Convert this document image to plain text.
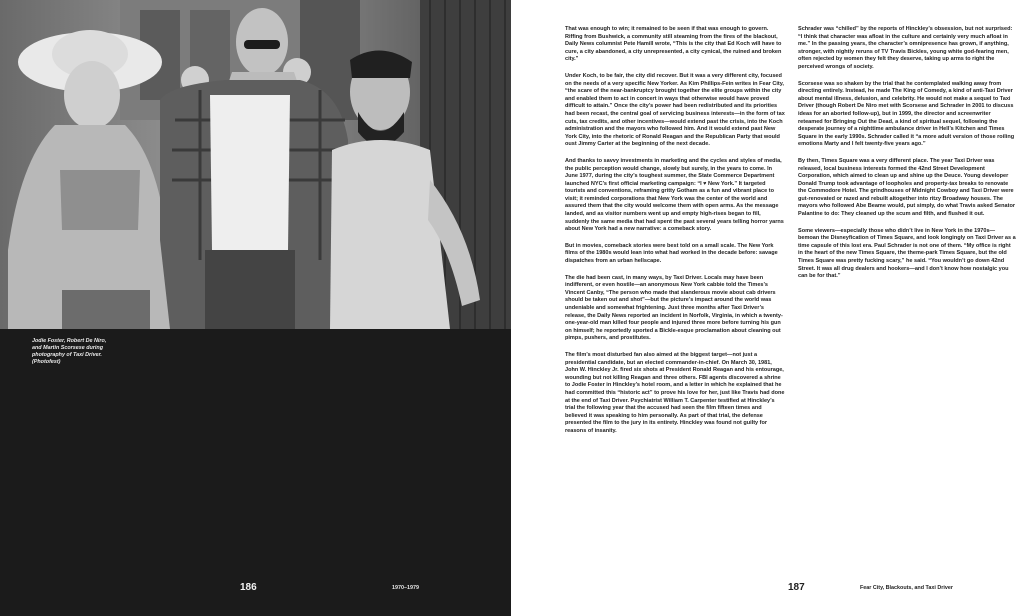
Jodie Foster, Robert De Niro, and Martin Scorsese during photography of Taxi Driver. (Photofest)
186	1970–1979

That was enough to win; it remained to be seen if that was enough to govern. Riffing from Bushwick, a community still steaming from the fires of the blackout, Daily News columnist Pete Hamill wrote, “This is the city that Ed Koch will have to cure, a city abandoned, a city unrepresented, a city cynical, the ruined and broken city.”

Under Koch, to be fair, the city did recover. But it was a very different city, focused on the needs of a very specific New Yorker. As Kim Phillips-Fein writes in Fear City, “the scare of the near-bankruptcy brought together the elite groups within the city and enabled them to act in concert in ways that otherwise would have proved difficult to attain.” Once the city’s power had been redistributed and its priorities had been recast, the central goal of servicing business interests—in the form of tax cuts, tax credits, and other incentives—would extend past the crisis, into the Koch administration and the mayors who followed him. And it would extend past New York City, into the rhetoric of Ronald Reagan and the Republican Party that would oust Jimmy Carter at the beginning of the next decade.

And thanks to savvy investments in marketing and the cycles and styles of media, the public perception would change, slowly but surely, in the years to come. In June 1977, during the city’s toughest summer, the State Commerce Department launched NYC’s first official marketing campaign: “I ♥ New York.” It targeted tourists and conventions, reframing gritty Gotham as a fun and vibrant place to visit; it reminded corporations that New York was the center of the world and assured them that the city would welcome them with open arms. As the message landed, and as visitor numbers went up and empty high-rises began to fill, suddenly the same media that had spent the past several years telling horror yarns about New York had a new narrative: a comeback story.

But in movies, comeback stories were best told on a small scale. The New York films of the 1980s would lean into what had worked in the decade before: savage dispatches from an urban hellscape.

The die had been cast, in many ways, by Taxi Driver. Locals may have been indifferent, or even hostile—an anonymous New York cabbie told the Times’s Vincent Canby, “The person who made that slanderous movie about cab drivers should be taken out and shot”—but the picture’s impact around the world was undeniable and somewhat frightening. Just three months after Taxi Driver’s release, the Daily News reported an incident in Norfolk, Virginia, in which a twenty-one-year-old man killed four people and injured three more before turning his gun on himself; he reportedly sported a Bickle-esque proclamation about cleaning out pimps, pushers, and prostitutes.

The film’s most disturbed fan also aimed at the biggest target—not just a presidential candidate, but an elected commander-in-chief. On March 30, 1981, John W. Hinckley Jr. fired six shots at President Ronald Reagan and his entourage, wounding but not killing Reagan and three others. FBI agents discovered a shrine to Jodie Foster in Hinckley’s hotel room, and a letter in which he explained that he had committed this “historic act” to prove his love for her, just like Travis had done at the end of Taxi Driver. Psychiatrist William T. Carpenter testified at Hinckley’s trial the following year that the accused had seen the film fifteen times and believed it was speaking to him personally. As part of that trial, the defense presented the film to the jury in its entirety. Hinckley was found not guilty for reasons of insanity.

Schrader was “chilled” by the reports of Hinckley’s obsession, but not surprised: “I think that character was afloat in the culture and certainly very much afloat in me.” In the passing years, the character’s omnipresence has grown, if anything, stronger, with nightly reruns of TV Travis Bickles, young white god-fearing men, often rejected by women they felt they deserve, taking up arms to right the perceived wrongs of society.

Scorsese was so shaken by the trial that he contemplated walking away from directing entirely. Instead, he made The King of Comedy, a kind of anti-Taxi Driver about mental illness, delusion, and celebrity. He would not make a sequel to Taxi Driver (though Robert De Niro met with Scorsese and Schrader in 2001 to discuss ideas for an aborted follow-up), but in 1999, the director and screenwriter reteamed for Bringing Out the Dead, a kind of spiritual sequel, following the desperate journey of a nighttime ambulance driver in Hell’s Kitchen and Times Square in the early 1990s. Schrader called it “a more adult version of those roiling emotions Marty and I felt twenty-five years ago.”

By then, Times Square was a very different place. The year Taxi Driver was released, local business interests formed the 42nd Street Development Corporation, which aimed to clean up and shine up the Deuce. Young developer Donald Trump took advantage of loopholes and property-tax breaks to renovate the Commodore Hotel. The grindhouses of Midnight Cowboy and Taxi Driver were gut-renovated or razed and rebuilt altogether into ritzy Broadway houses. The mayors who followed Abe Beame would, put simply, do what Travis asked Senator Palantine to do: They cleaned up the scum and filth, and flushed it out.

Some viewers—especially those who didn’t live in New York in the 1970s—bemoan the Disneyfication of Times Square, and look longingly on Taxi Driver as a time capsule of this lost era. Paul Schrader is not one of them. “My office is right in the heart of the new Times Square, the theme-park Times Square, but the old Times Square was pretty fucking scary,” he said. “You wouldn’t go down 42nd Street. It was all drug dealers and hookers—and I don’t know how nostalgic you can be for that.”

187	Fear City, Blackouts, and Taxi Driver
